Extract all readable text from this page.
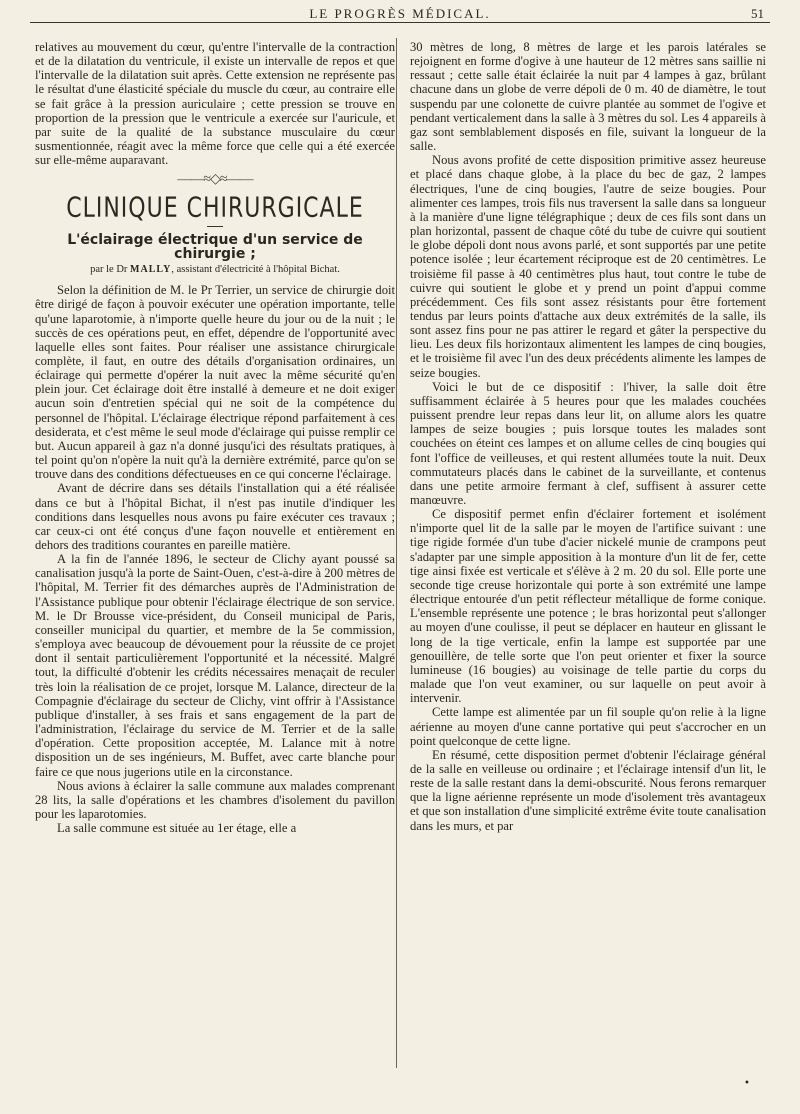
LE PROGRÈS MÉDICAL.	51

relatives au mouvement du cœur, qu'entre l'intervalle de la contraction et de la dilatation du ventricule, il existe un intervalle de repos et que l'intervalle de la dilatation suit après. Cette extension ne représente pas le résultat d'une élasticité spéciale du muscle du cœur, au contraire elle se fait grâce à la pression auriculaire ; cette pression se trouve en proportion de la pression que le ventricule a exercée sur l'auricule, et par suite de la qualité de la substance musculaire du cœur susmentionnée, réagit avec la même force que celle qui a été exercée sur elle-même auparavant.

——≈◇≈——
CLINIQUE CHIRURGICALE
L'éclairage électrique d'un service de chirurgie ;
par le Dr MALLY, assistant d'électricité à l'hôpital Bichat.

Selon la définition de M. le Pr Terrier, un service de chirurgie doit être dirigé de façon à pouvoir exécuter une opération importante, telle qu'une laparotomie, à n'importe quelle heure du jour ou de la nuit ; le succès de ces opérations peut, en effet, dépendre de l'opportunité avec laquelle elles sont faites. Pour réaliser une assistance chirurgicale complète, il faut, en outre des détails d'organisation ordinaires, un éclairage qui permette d'opérer la nuit avec la même sécurité qu'en plein jour. Cet éclairage doit être installé à demeure et ne doit exiger aucun soin d'entretien spécial qui ne soit de la compétence du personnel de l'hôpital. L'éclairage électrique répond parfaitement à ces desiderata, et c'est même le seul mode d'éclairage qui puisse remplir ce but. Aucun appareil à gaz n'a donné jusqu'ici des résultats pratiques, à tel point qu'on n'opère la nuit qu'à la dernière extrémité, parce qu'on se trouve dans des conditions défectueuses en ce qui concerne l'éclairage.

Avant de décrire dans ses détails l'installation qui a été réalisée dans ce but à l'hôpital Bichat, il n'est pas inutile d'indiquer les conditions dans lesquelles nous avons pu faire exécuter ces travaux ; car ceux-ci ont été conçus d'une façon nouvelle et entièrement en dehors des traditions courantes en pareille matière.

A la fin de l'année 1896, le secteur de Clichy ayant poussé sa canalisation jusqu'à la porte de Saint-Ouen, c'est-à-dire à 200 mètres de l'hôpital, M. Terrier fit des démarches auprès de l'Administration de l'Assistance publique pour obtenir l'éclairage électrique de son service. M. le Dr Brousse vice-président, du Conseil municipal de Paris, conseiller municipal du quartier, et membre de la 5e commission, s'employa avec beaucoup de dévouement pour la réussite de ce projet dont il sentait particulièrement l'opportunité et la nécessité. Malgré tout, la difficulté d'obtenir les crédits nécessaires menaçait de reculer très loin la réalisation de ce projet, lorsque M. Lalance, directeur de la Compagnie d'éclairage du secteur de Clichy, vint offrir à l'Assistance publique d'installer, à ses frais et sans engagement de la part de l'administration, l'éclairage du service de M. Terrier et de la salle d'opération. Cette proposition acceptée, M. Lalance mit à notre disposition un de ses ingénieurs, M. Buffet, avec carte blanche pour faire ce que nous jugerions utile en la circonstance.

Nous avions à éclairer la salle commune aux malades comprenant 28 lits, la salle d'opérations et les chambres d'isolement du pavillon pour les laparotomies.

La salle commune est située au 1er étage, elle a

30 mètres de long, 8 mètres de large et les parois latérales se rejoignent en forme d'ogive à une hauteur de 12 mètres sans saillie ni ressaut ; cette salle était éclairée la nuit par 4 lampes à gaz, brûlant chacune dans un globe de verre dépoli de 0 m. 40 de diamètre, le tout suspendu par une colonette de cuivre plantée au sommet de l'ogive et pendant verticalement dans la salle à 3 mètres du sol. Les 4 appareils à gaz sont semblablement disposés en file, suivant la longueur de la salle.

Nous avons profité de cette disposition primitive assez heureuse et placé dans chaque globe, à la place du bec de gaz, 2 lampes électriques, l'une de cinq bougies, l'autre de seize bougies. Pour alimenter ces lampes, trois fils nus traversent la salle dans sa longueur à la manière d'une ligne télégraphique ; deux de ces fils sont dans un plan horizontal, passent de chaque côté du tube de cuivre qui soutient le globe dépoli dont nous avons parlé, et sont supportés par une petite potence isolée ; leur écartement réciproque est de 20 centimètres. Le troisième fil passe à 40 centimètres plus haut, tout contre le tube de cuivre qui soutient le globe et y prend un point d'appui comme précédemment. Ces fils sont assez résistants pour être fortement tendus par leurs points d'attache aux deux extrémités de la salle, ils sont assez fins pour ne pas attirer le regard et gâter la perspective du lieu. Les deux fils horizontaux alimentent les lampes de cinq bougies, et le troisième fil avec l'un des deux précédents alimente les lampes de seize bougies.

Voici le but de ce dispositif : l'hiver, la salle doit être suffisamment éclairée à 5 heures pour que les malades couchées puissent prendre leur repas dans leur lit, on allume alors les quatre lampes de seize bougies ; puis lorsque toutes les malades sont couchées on éteint ces lampes et on allume celles de cinq bougies qui font l'office de veilleuses, et qui restent allumées toute la nuit. Deux commutateurs placés dans le cabinet de la surveillante, et contenus dans une petite armoire fermant à clef, suffisent à assurer cette manœuvre.

Ce dispositif permet enfin d'éclairer fortement et isolément n'importe quel lit de la salle par le moyen de l'artifice suivant : une tige rigide formée d'un tube d'acier nickelé munie de crampons peut s'adapter par une simple apposition à la monture d'un lit de fer, cette tige ainsi fixée est verticale et s'élève à 2 m. 20 du sol. Elle porte une seconde tige creuse horizontale qui porte à son extrémité une lampe électrique entourée d'un petit réflecteur métallique de forme conique. L'ensemble représente une potence ; le bras horizontal peut s'allonger au moyen d'une coulisse, il peut se déplacer en hauteur en glissant le long de la tige verticale, enfin la lampe est supportée par une genouillère, de telle sorte que l'on peut orienter et fixer la source lumineuse (16 bougies) au voisinage de telle partie du corps du malade que l'on veut examiner, ou sur laquelle on peut avoir à intervenir.

Cette lampe est alimentée par un fil souple qu'on relie à la ligne aérienne au moyen d'une canne portative qui peut s'accrocher en un point quelconque de cette ligne.

En résumé, cette disposition permet d'obtenir l'éclairage général de la salle en veilleuse ou ordinaire ; et l'éclairage intensif d'un lit, le reste de la salle restant dans la demi-obscurité. Nous ferons remarquer que la ligne aérienne représente un mode d'isolement très avantageux et que son installation d'une simplicité extrême évite toute canalisation dans les murs, et par

•
